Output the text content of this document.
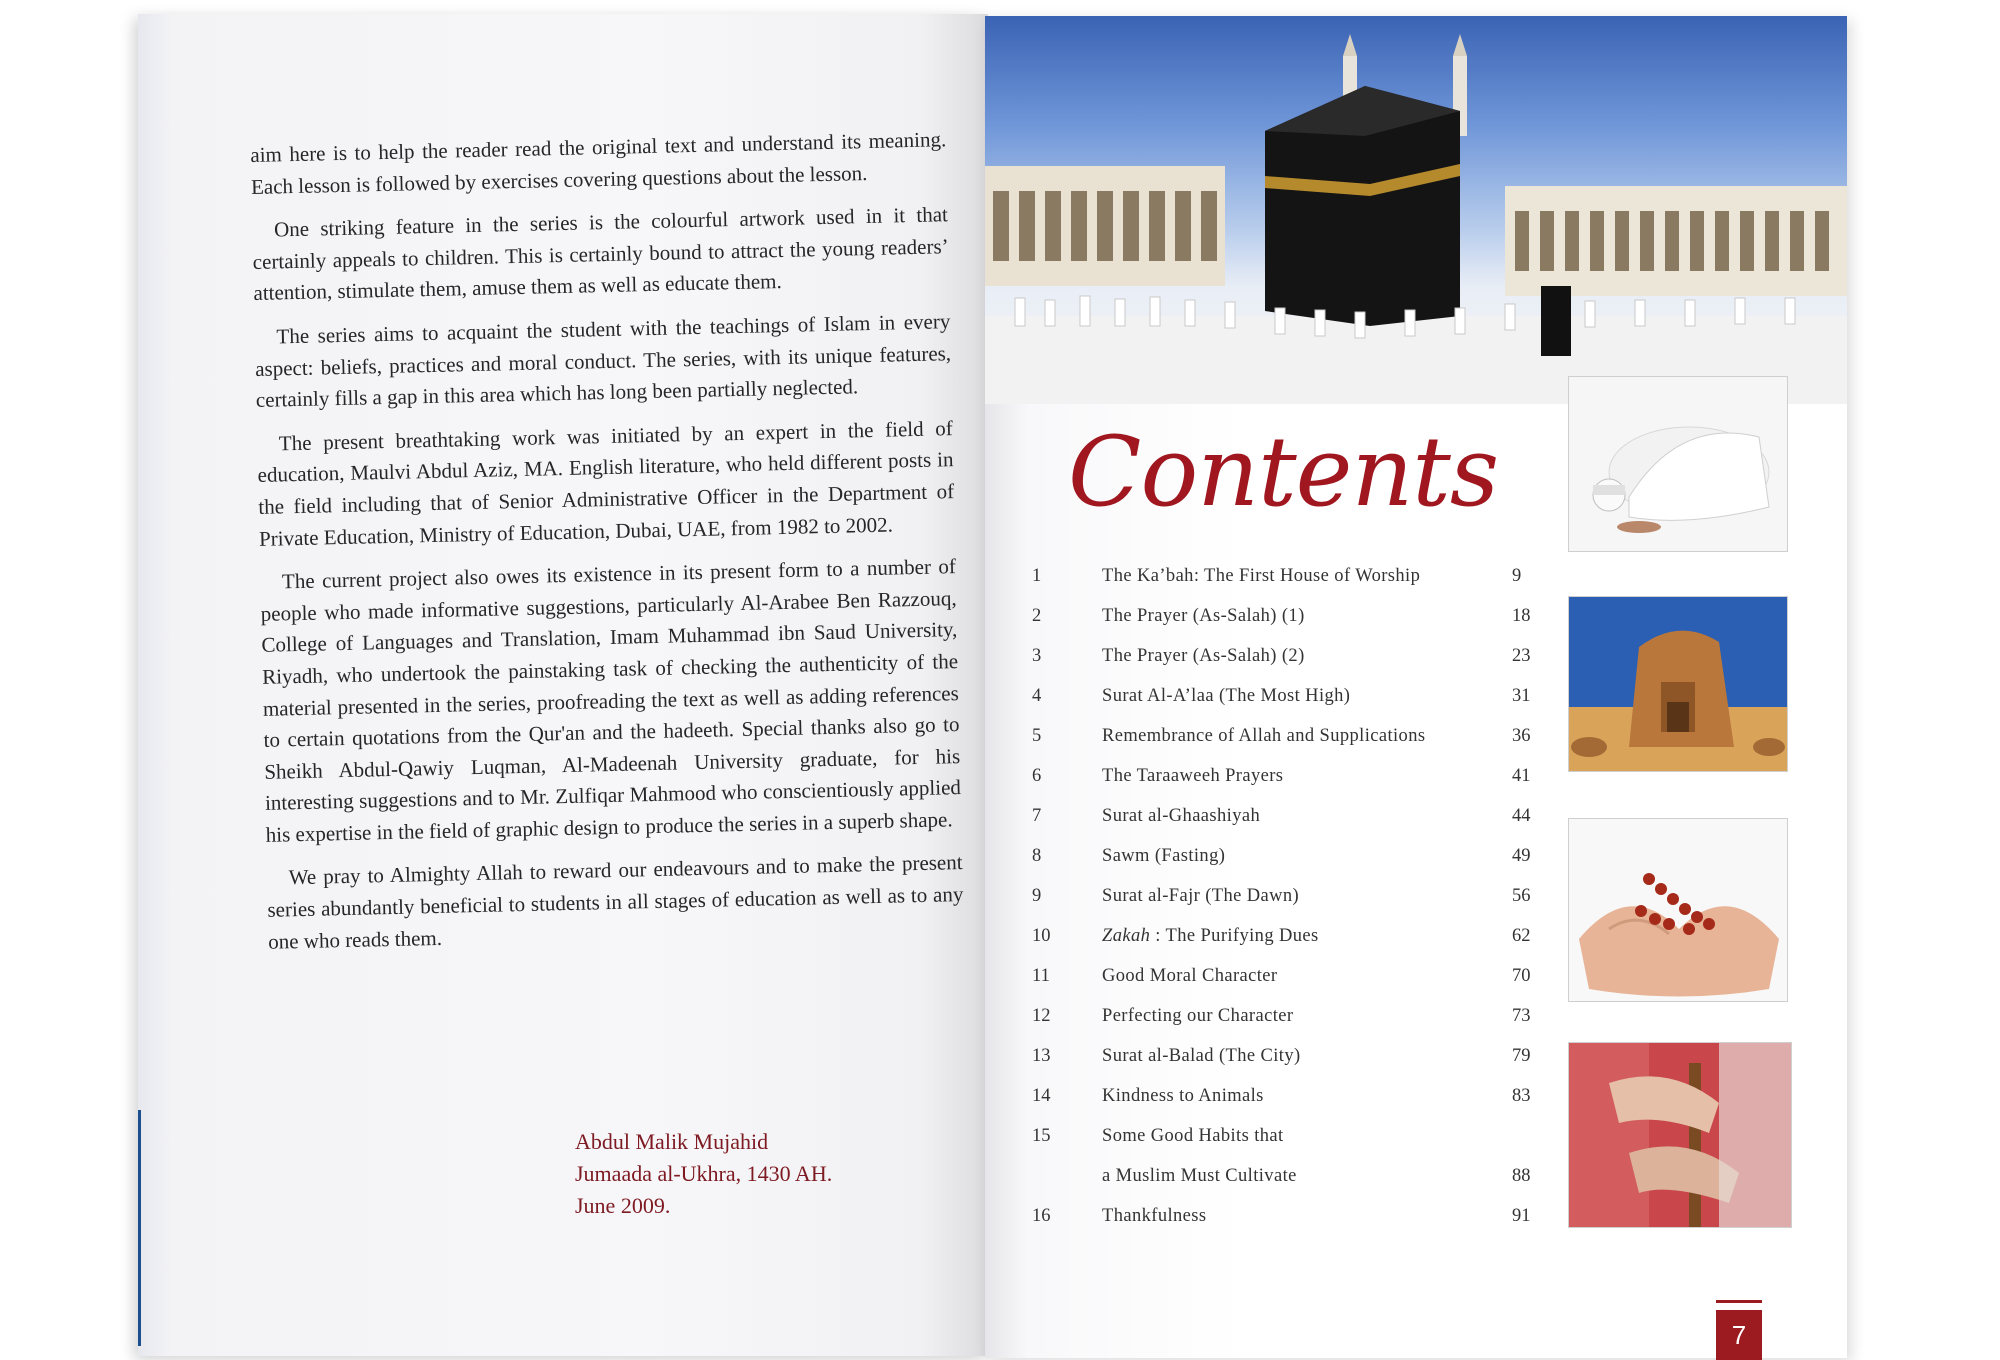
aim here is to help the reader read the original text and understand its meaning. Each lesson is followed by exercises covering questions about the lesson.

One striking feature in the series is the colourful artwork used in it that certainly appeals to children. This is certainly bound to attract the young readers’ attention, stimulate them, amuse them as well as educate them.

The series aims to acquaint the student with the teachings of Islam in every aspect: beliefs, practices and moral conduct. The series, with its unique features, certainly fills a gap in this area which has long been partially neglected.

The present breathtaking work was initiated by an expert in the field of education, Maulvi Abdul Aziz, MA. English literature, who held different posts in the field including that of Senior Administrative Officer in the Department of Private Education, Ministry of Education, Dubai, UAE, from 1982 to 2002.

The current project also owes its existence in its present form to a number of people who made informative suggestions, particularly Al-Arabee Ben Razzouq, College of Languages and Translation, Imam Muhammad ibn Saud University, Riyadh, who undertook the painstaking task of checking the authenticity of the material presented in the series, proofreading the text as well as adding references to certain quotations from the Qur'an and the hadeeth. Special thanks also go to Sheikh Abdul-Qawiy Luqman, Al-Madeenah University graduate, for his interesting suggestions and to Mr. Zulfiqar Mahmood who conscientiously applied his expertise in the field of graphic design to produce the series in a superb shape.

We pray to Almighty Allah to reward our endeavours and to make the present series abundantly beneficial to students in all stages of education as well as to any one who reads them.

Abdul Malik Mujahid
Jumaada al-Ukhra, 1430 AH.
June 2009.
Contents
1	The Ka’bah: The First House of Worship	9
2	The Prayer (As-Salah) (1)	18
3	The Prayer (As-Salah) (2)	23
4	Surat Al-A’laa (The Most High)	31
5	Remembrance of Allah and Supplications	36
6	The Taraaweeh Prayers	41
7	Surat al-Ghaashiyah	44
8	Sawm (Fasting)	49
9	Surat al-Fajr (The Dawn)	56
10	Zakah : The Purifying Dues	62
11	Good Moral Character	70
12	Perfecting our Character	73
13	Surat al-Balad (The City)	79
14	Kindness to Animals	83
15	Some Good Habits that
a Muslim Must Cultivate	88
16	Thankfulness	91
7
